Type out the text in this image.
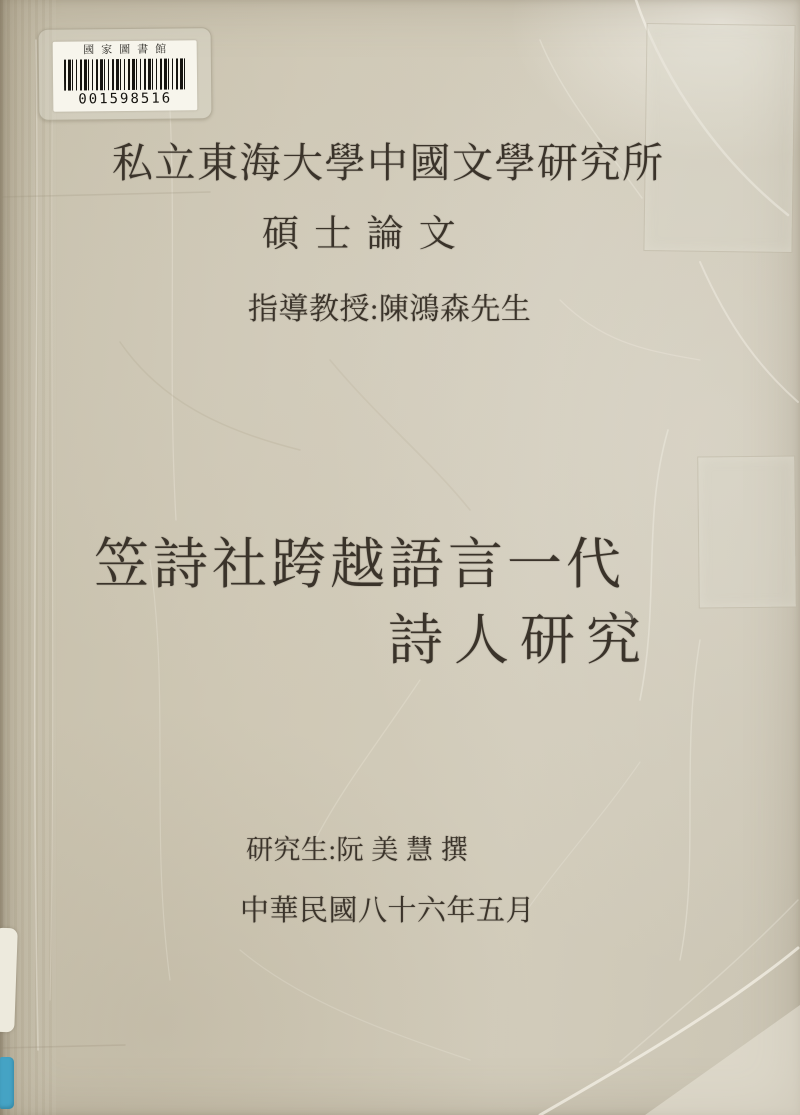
國家圖書館
001598516
私立東海大學中國文學研究所
碩 士 論 文
指導教授:陳鴻森先生
笠詩社跨越語言一代
詩人研究
研究生:阮 美 慧 撰
中華民國八十六年五月
